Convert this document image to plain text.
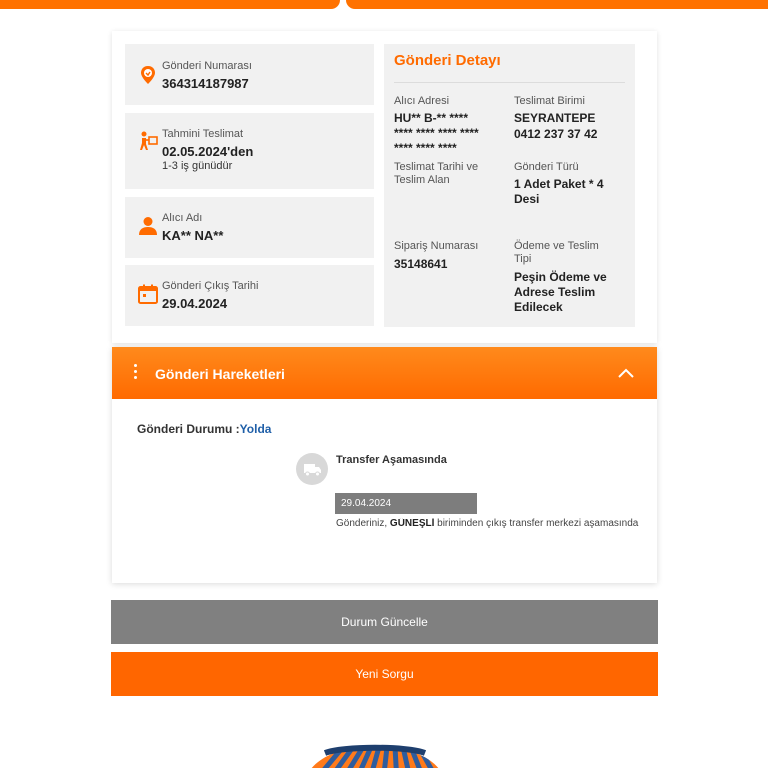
Gönderi Numarası
364314187987
Tahmini Teslimat
02.05.2024'den
1-3 iş günüdür
Alıcı Adı
KA** NA**
Gönderi Çıkış Tarihi
29.04.2024
Gönderi Detayı
Alıcı Adresi
HU** B-** ****
**** **** **** ****
**** **** ****
Teslimat Birimi
SEYRANTEPE
0412 237 37 42
Teslimat Tarihi ve
Teslim Alan
Gönderi Türü
1 Adet Paket * 4
Desi
Sipariş Numarası
35148641
Ödeme ve Teslim
Tipi
Peşin Ödeme ve
Adrese Teslim
Edilecek
Gönderi Hareketleri
Gönderi Durumu :Yolda
Transfer Aşamasında
29.04.2024
Gönderiniz, GÜNEŞLİ biriminden çıkış transfer merkezi aşamasında
Durum Güncelle
Yeni Sorgu
